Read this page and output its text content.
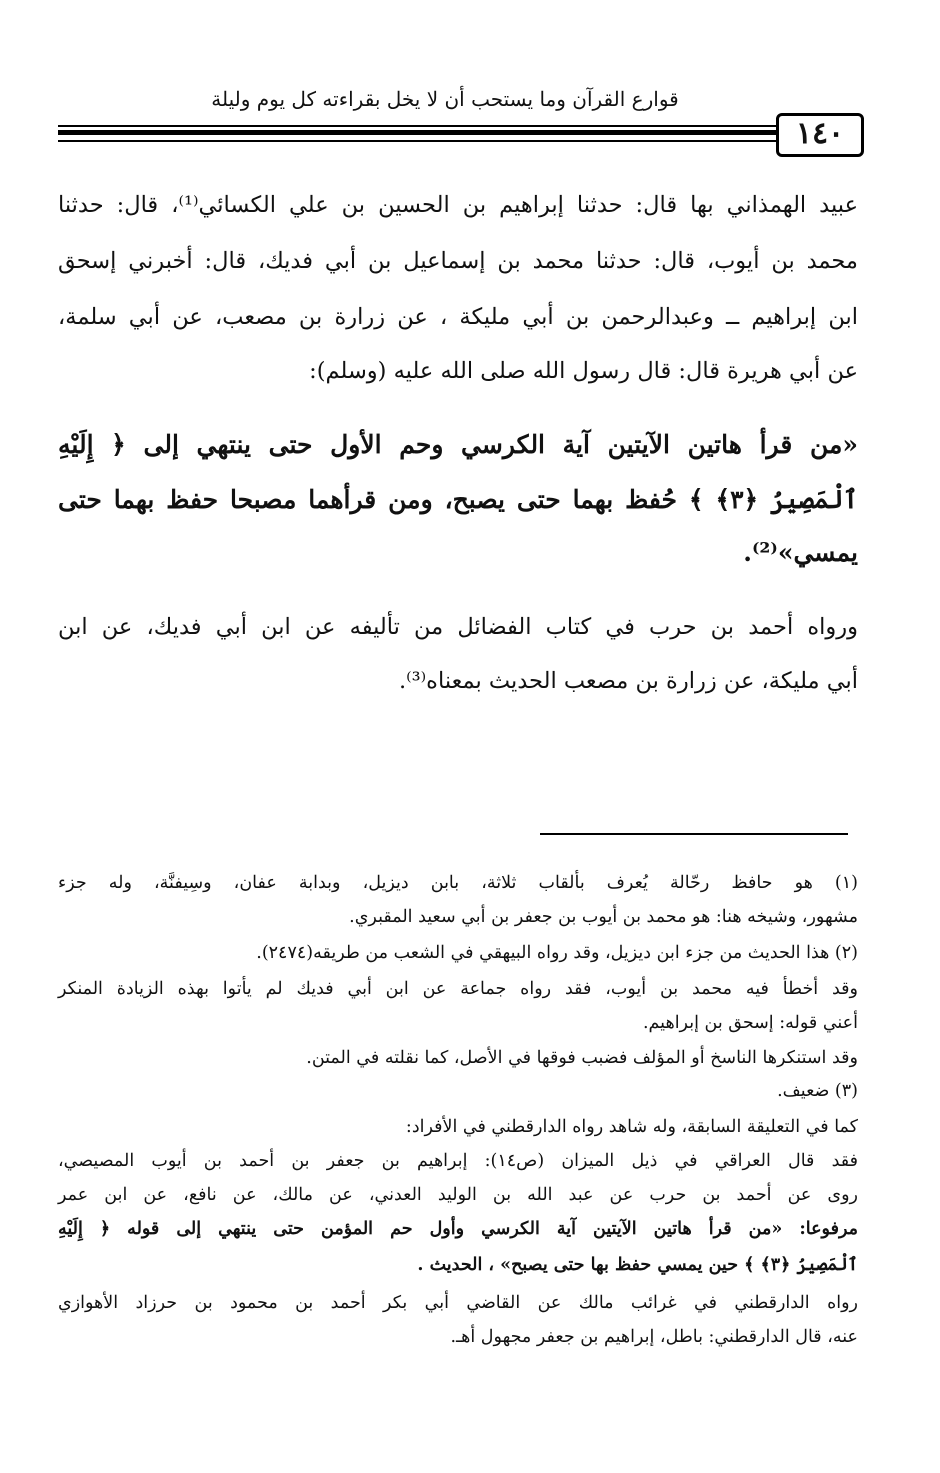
قوارع القرآن وما يستحب أن لا يخل بقراءته كل يوم وليلة
١٤٠
عبيد الهمذاني بها قال: حدثنا إبراهيم بن الحسين بن علي الكسائي⁽¹⁾، قال: حدثنا
محمد بن أيوب، قال: حدثنا محمد بن إسماعيل بن أبي فديك، قال: أخبرني إسحق
ابن إبراهيم ــ وعبدالرحمن بن أبي مليكة ، عن زرارة بن مصعب، عن أبي سلمة،
عن أبي هريرة قال: قال رسول الله صلى الله عليه (وسلم):
«من قرأ هاتين الآيتين آية الكرسي وحم الأول حتى ينتهي إلى ﴿ إِلَيْهِ
ٱلْمَصِيرُ ﴿٣﴾ ﴾ حُفظ بهما حتى يصبح، ومن قرأهما مصبحا حفظ بهما حتى
يمسي»⁽²⁾.
ورواه أحمد بن حرب في كتاب الفضائل من تأليفه عن ابن أبي فديك، عن ابن
أبي مليكة، عن زرارة بن مصعب الحديث بمعناه⁽³⁾.
(١) هو حافظ رحّالة يُعرف بألقاب ثلاثة، بابن ديزيل، وبدابة عفان، وسِيفنَّة، وله جزء
مشهور، وشيخه هنا: هو محمد بن أيوب بن جعفر بن أبي سعيد المقبري.
(٢) هذا الحديث من جزء ابن ديزيل، وقد رواه البيهقي في الشعب من طريقه(٢٤٧٤).
وقد أخطأ فيه محمد بن أيوب، فقد رواه جماعة عن ابن أبي فديك لم يأتوا بهذه الزيادة المنكر
أعني قوله: إسحق بن إبراهيم.
وقد استنكرها الناسخ أو المؤلف فضبب فوقها في الأصل، كما نقلته في المتن.
(٣) ضعيف.
كما في التعليقة السابقة، وله شاهد رواه الدارقطني في الأفراد:
فقد قال العراقي في ذيل الميزان (ص١٤): إبراهيم بن جعفر بن أحمد بن أيوب المصيصي،
روى عن أحمد بن حرب عن عبد الله بن الوليد العدني، عن مالك، عن نافع، عن ابن عمر
مرفوعا: «من قرأ هاتين الآيتين آية الكرسي وأول حم المؤمن حتى ينتهي إلى قوله ﴿ إِلَيْهِ
ٱلْمَصِيرُ ﴿٣﴾ ﴾ حين يمسي حفظ بها حتى يصبح» ، الحديث .
رواه الدارقطني في غرائب مالك عن القاضي أبي بكر أحمد بن محمود بن حرزاد الأهوازي
عنه، قال الدارقطني: باطل، إبراهيم بن جعفر مجهول أهـ.
